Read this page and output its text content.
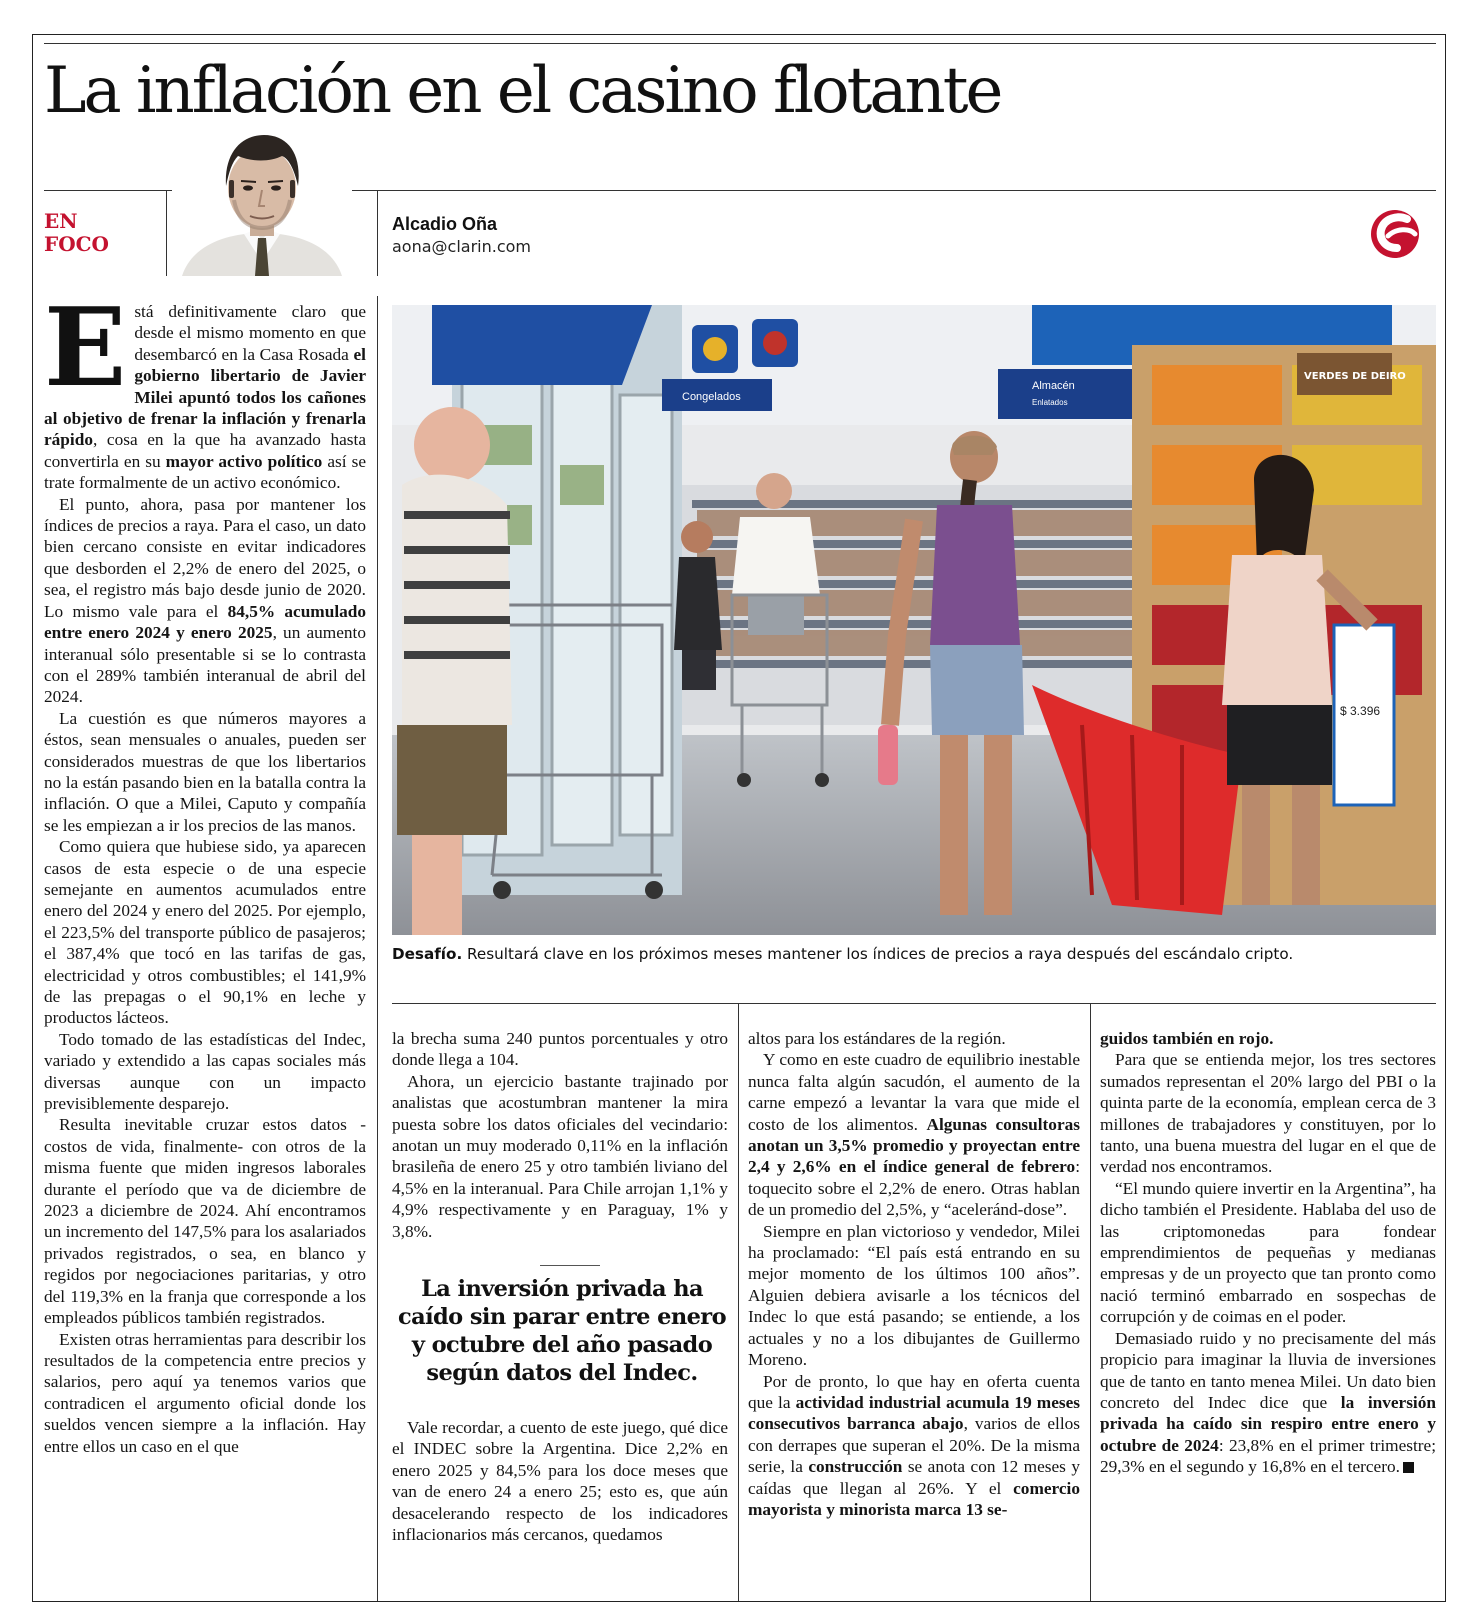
La inflación en el casino flotante
EN
FOCO
Alcadio Oña
aona@clarin.com

Está definitivamente claro que desde el mismo momento en que desembarcó en la Casa Rosada el gobierno libertario de Javier Milei apuntó todos los cañones al objetivo de frenar la inflación y frenarla rápido, cosa en la que ha avanzado hasta convertirla en su mayor activo político así se trate formalmente de un activo económico.

El punto, ahora, pasa por mantener los índices de precios a raya. Para el caso, un dato bien cercano consiste en evitar indicadores que desborden el 2,2% de enero del 2025, o sea, el registro más bajo desde junio de 2020. Lo mismo vale para el 84,5% acumulado entre enero 2024 y enero 2025, un aumento interanual sólo presentable si se lo contrasta con el 289% también interanual de abril del 2024.

La cuestión es que números mayores a éstos, sean mensuales o anuales, pueden ser considerados muestras de que los libertarios no la están pasando bien en la batalla contra la inflación. O que a Milei, Caputo y compañía se les empiezan a ir los precios de las manos.

Como quiera que hubiese sido, ya aparecen casos de esta especie o de una especie semejante en aumentos acumulados entre enero del 2024 y enero del 2025. Por ejemplo, el 223,5% del transporte público de pasajeros; el 387,4% que tocó en las tarifas de gas, electricidad y otros combustibles; el 141,9% de las prepagas o el 90,1% en leche y productos lácteos.

Todo tomado de las estadísticas del Indec, variado y extendido a las capas sociales más diversas aunque con un impacto previsiblemente desparejo.

Resulta inevitable cruzar estos datos - costos de vida, finalmente- con otros de la misma fuente que miden ingresos laborales durante el período que va de diciembre de 2023 a diciembre de 2024. Ahí encontramos un incremento del 147,5% para los asalariados privados registrados, o sea, en blanco y regidos por negociaciones paritarias, y otro del 119,3% en la franja que corresponde a los empleados públicos también registrados.

Existen otras herramientas para describir los resultados de la competencia entre precios y salarios, pero aquí ya tenemos varios que contradicen el argumento oficial donde los sueldos vencen siempre a la inflación. Hay entre ellos un caso en el que

Congelados
Almacén
Enlatados
VERDES DE DEIRO
$ 3.396
Desafío. Resultará clave en los próximos meses mantener los índices de precios a raya después del escándalo cripto.

la brecha suma 240 puntos porcentuales y otro donde llega a 104.

Ahora, un ejercicio bastante trajinado por analistas que acostumbran mantener la mira puesta sobre los datos oficiales del vecindario: anotan un muy moderado 0,11% en la inflación brasileña de enero 25 y otro también liviano del 4,5% en la interanual. Para Chile arrojan 1,1% y 4,9% respectivamente y en Paraguay, 1% y 3,8%.

La inversión privada ha caído sin parar entre enero y octubre del año pasado según datos del Indec.

Vale recordar, a cuento de este juego, qué dice el INDEC sobre la Argentina. Dice 2,2% en enero 2025 y 84,5% para los doce meses que van de enero 24 a enero 25; esto es, que aún desacelerando respecto de los indicadores inflacionarios más cercanos, quedamos

altos para los estándares de la región.

Y como en este cuadro de equilibrio inestable nunca falta algún sacudón, el aumento de la carne empezó a levantar la vara que mide el costo de los alimentos. Algunas consultoras anotan un 3,5% promedio y proyectan entre 2,4 y 2,6% en el índice general de febrero: toquecito sobre el 2,2% de enero. Otras hablan de un promedio del 2,5%, y “aceleránd-dose”.

Siempre en plan victorioso y vendedor, Milei ha proclamado: “El país está entrando en su mejor momento de los últimos 100 años”. Alguien debiera avisarle a los técnicos del Indec lo que está pasando; se entiende, a los actuales y no a los dibujantes de Guillermo Moreno.

Por de pronto, lo que hay en oferta cuenta que la actividad industrial acumula 19 meses consecutivos barranca abajo, varios de ellos con derrapes que superan el 20%. De la misma serie, la construcción se anota con 12 meses y caídas que llegan al 26%. Y el comercio mayorista y minorista marca 13 se-

guidos también en rojo.

Para que se entienda mejor, los tres sectores sumados representan el 20% largo del PBI o la quinta parte de la economía, emplean cerca de 3 millones de trabajadores y constituyen, por lo tanto, una buena muestra del lugar en el que de verdad nos encontramos.

“El mundo quiere invertir en la Argentina”, ha dicho también el Presidente. Hablaba del uso de las criptomonedas para fondear emprendimientos de pequeñas y medianas empresas y de un proyecto que tan pronto como nació terminó embarrado en sospechas de corrupción y de coimas en el poder.

Demasiado ruido y no precisamente del más propicio para imaginar la lluvia de inversiones que de tanto en tanto menea Milei. Un dato bien concreto del Indec dice que la inversión privada ha caído sin respiro entre enero y octubre de 2024: 23,8% en el primer trimestre; 29,3% en el segundo y 16,8% en el tercero.
